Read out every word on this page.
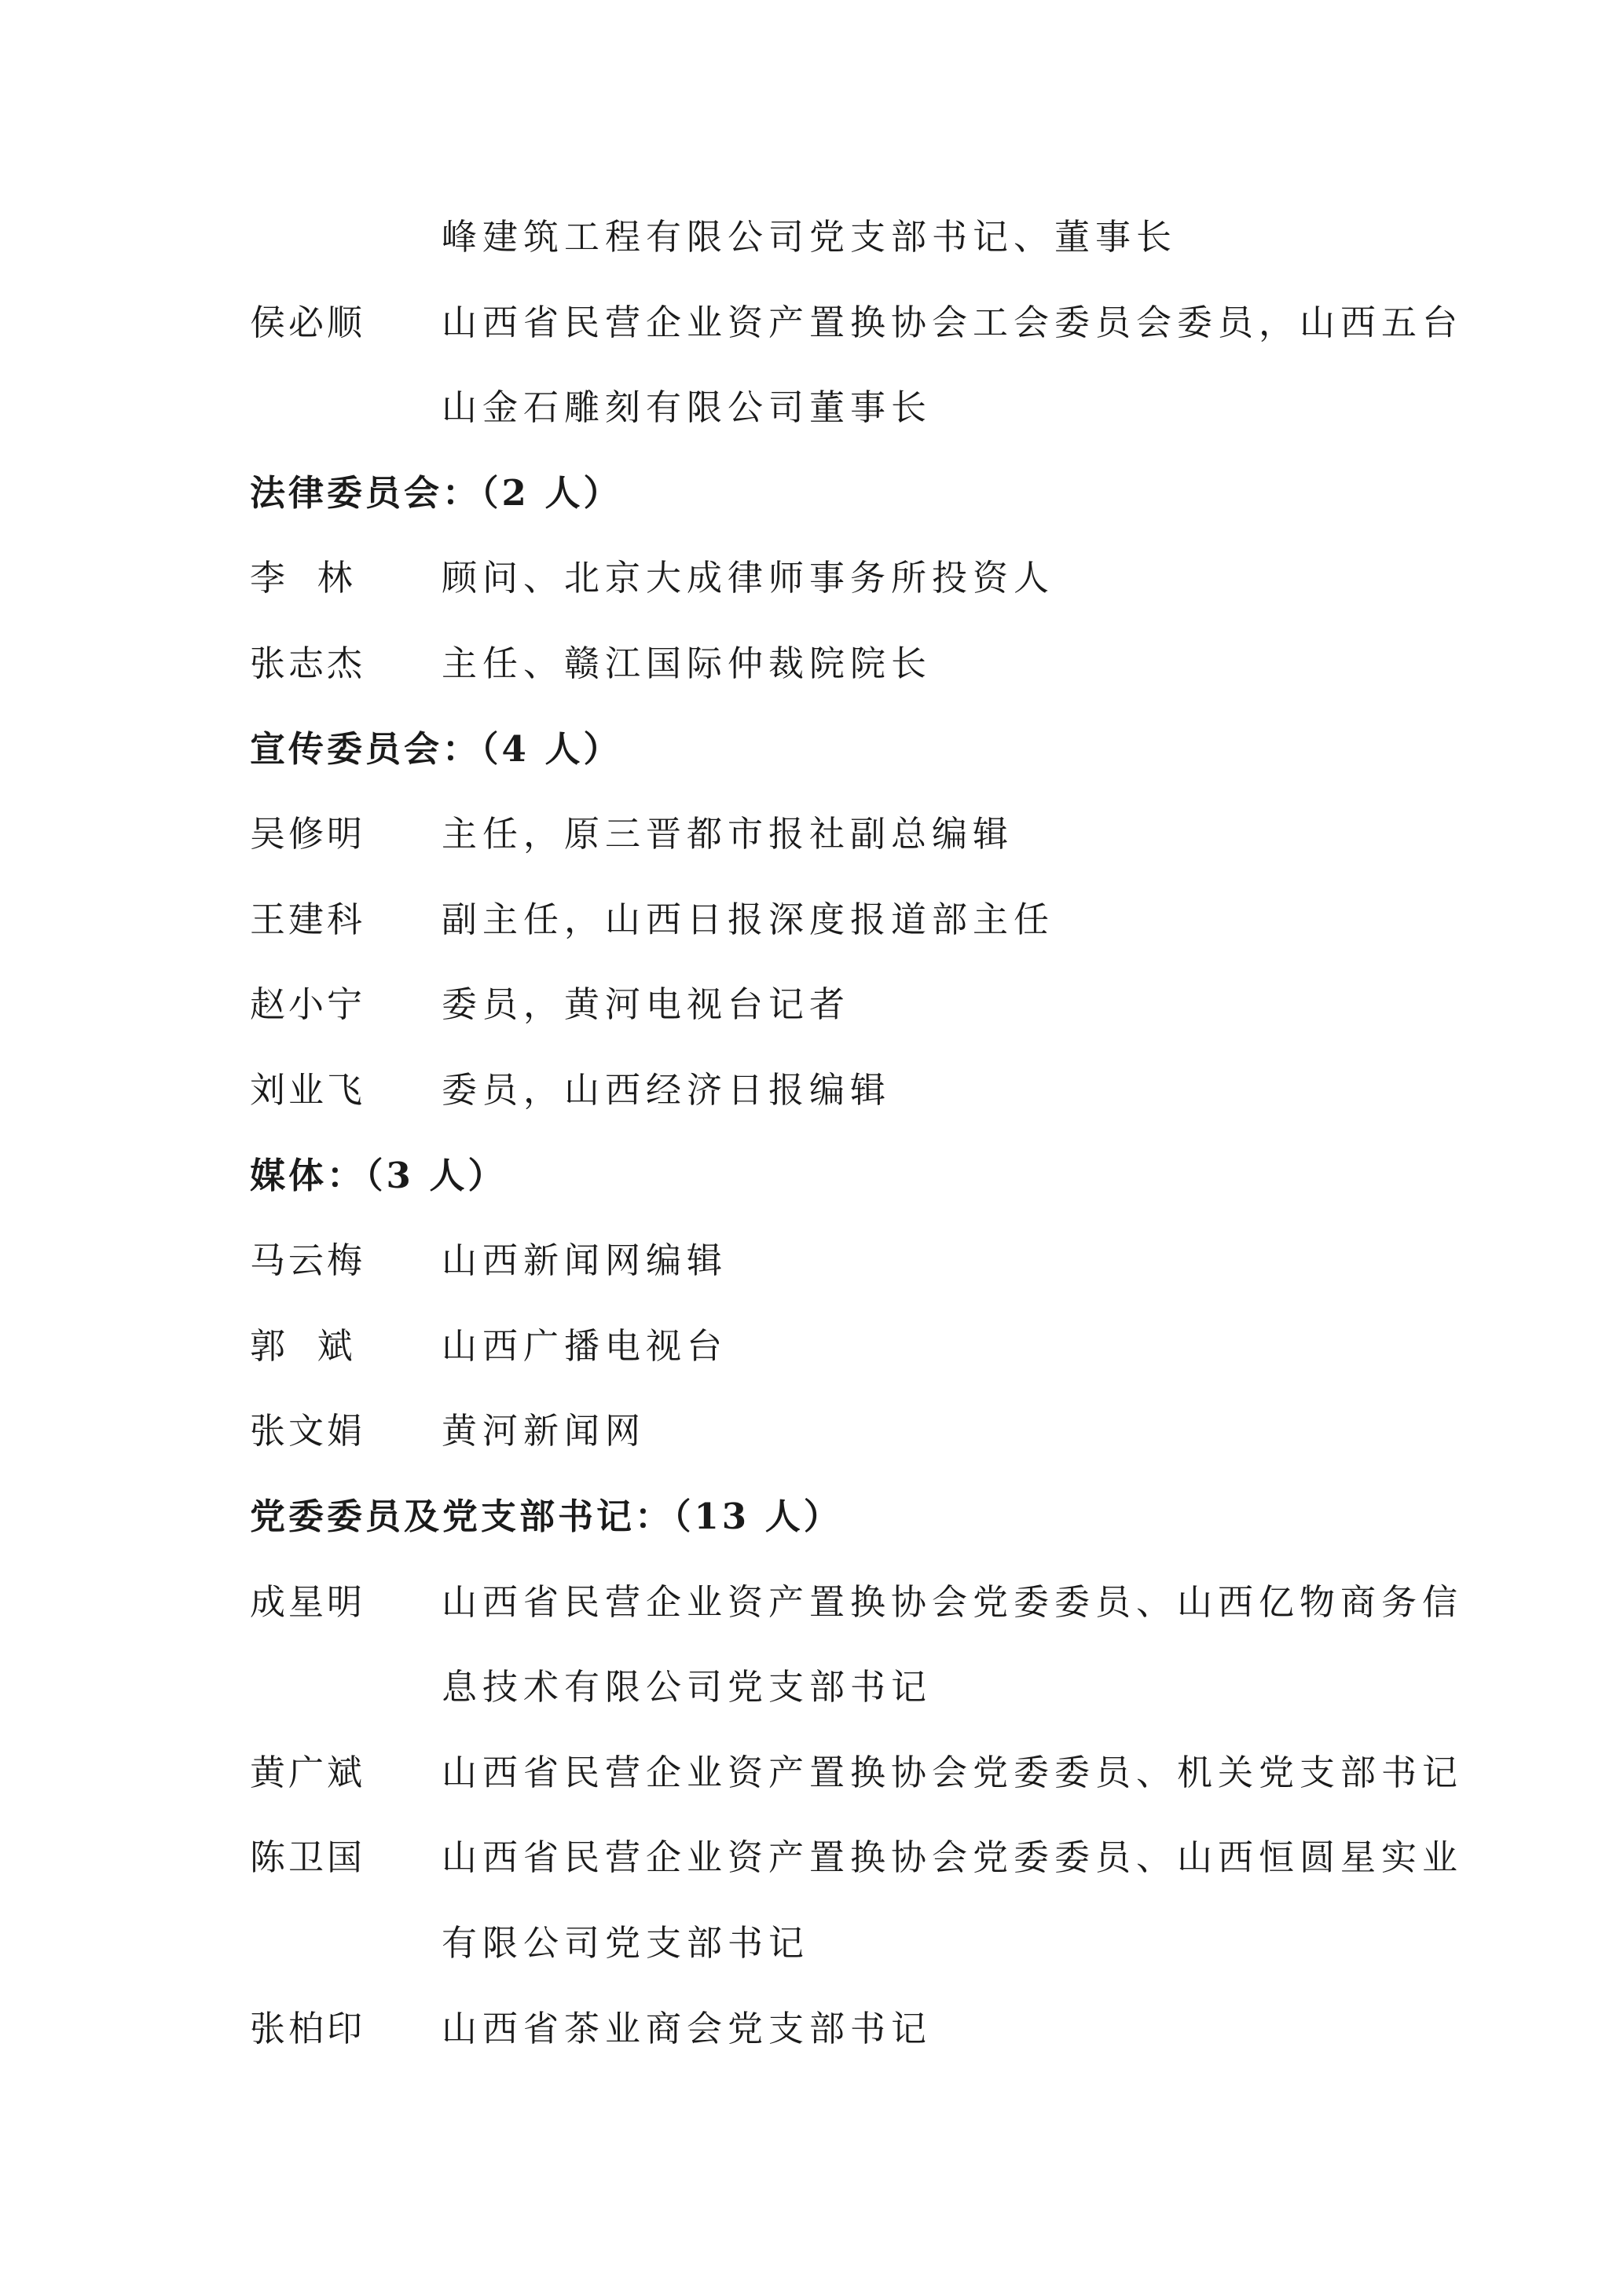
峰建筑工程有限公司党支部书记、董事长
侯必顺 山西省民营企业资产置换协会工会委员会委员，山西五台
山金石雕刻有限公司董事长
法律委员会：（2 人）
李  林 顾问、北京大成律师事务所投资人
张志杰 主任、赣江国际仲裁院院长
宣传委员会：（4 人）
吴修明 主任，原三晋都市报社副总编辑
王建科 副主任，山西日报深度报道部主任
赵小宁 委员，黄河电视台记者
刘业飞 委员，山西经济日报编辑
媒体：（3 人）
马云梅 山西新闻网编辑
郭  斌 山西广播电视台
张文娟 黄河新闻网
党委委员及党支部书记：（13 人）
成星明 山西省民营企业资产置换协会党委委员、山西亿物商务信
息技术有限公司党支部书记
黄广斌 山西省民营企业资产置换协会党委委员、机关党支部书记
陈卫国 山西省民营企业资产置换协会党委委员、山西恒圆星实业
有限公司党支部书记
张柏印 山西省茶业商会党支部书记
